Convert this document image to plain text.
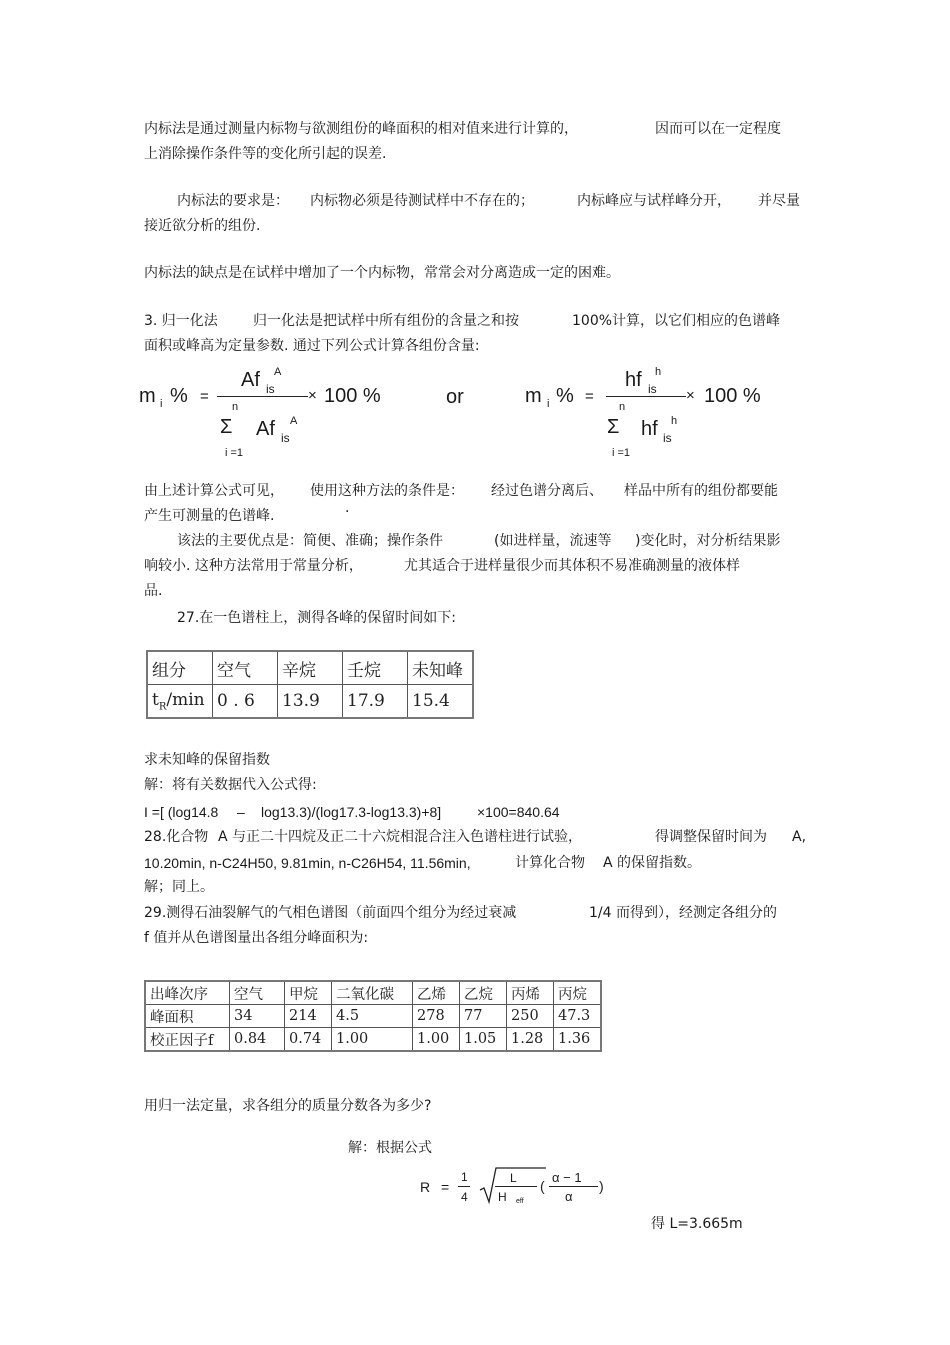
内标法是通过测量内标物与欲测组份的峰面积的相对值来进行计算的，	因而可以在一定程度
上消除操作条件等的变化所引起的误差.
内标法的要求是： 内标物必须是待测试样中不存在的；	内标峰应与试样峰分开， 并尽量
接近欲分析的组份.
内标法的缺点是在试样中增加了一个内标物，常常会对分离造成一定的困难。
3. 归一化法	归一化法是把试样中所有组份的含量之和按	100%计算，以它们相应的色谱峰
面积或峰高为定量参数. 通过下列公式计算各组份含量:
m i % =
Af is
A
n
Σ
i =1
Af is
A
× 100 %	or	m i % =
hf is
h
n
Σ
i =1
hf is
h
× 100 %
由上述计算公式可见， 使用这种方法的条件是： 经过色谱分离后、 样品中所有的组份都要能
产生可测量的色谱峰.	·
该法的主要优点是：简便、准确；操作条件	(如进样量，流速等 )变化时，对分析结果影
响较小. 这种方法常用于常量分析，	尤其适合于进样量很少而其体积不易准确测量的液体样
品.
27.在一色谱柱上，测得各峰的保留时间如下:
组分	空气	辛烷	壬烷	未知峰
$t_R/\min$	0 . 6	13.9	17.9	15.4
求未知峰的保留指数
解：将有关数据代入公式得:
I =[ (log14.8 – log13.3)/(log17.3-log13.3)+8]	×100=840.64
28.化合物 A 与正二十四烷及正二十六烷相混合注入色谱柱进行试验，	得调整保留时间为 A,
10.20min, n-C24H50, 9.81min, n-C26H54, 11.56min,	计算化合物 A 的保留指数。
解；同上。
29.测得石油裂解气的气相色谱图（前面四个组分为经过衰减	1/4 而得到），经测定各组分的
f 值并从色谱图量出各组分峰面积为:
出峰次序	空气	甲烷	二氧化碳	乙烯	乙烷	丙烯	丙烷
峰面积	34	214	4.5	278	77	250	47.3
校正因子f	0.84	0.74	1.00	1.00	1.05	1.28	1.36
用归一法定量，求各组分的质量分数各为多少?
解：根据公式
R =
1
4
L
H eff
(
α − 1
α
)
得 L=3.665m
